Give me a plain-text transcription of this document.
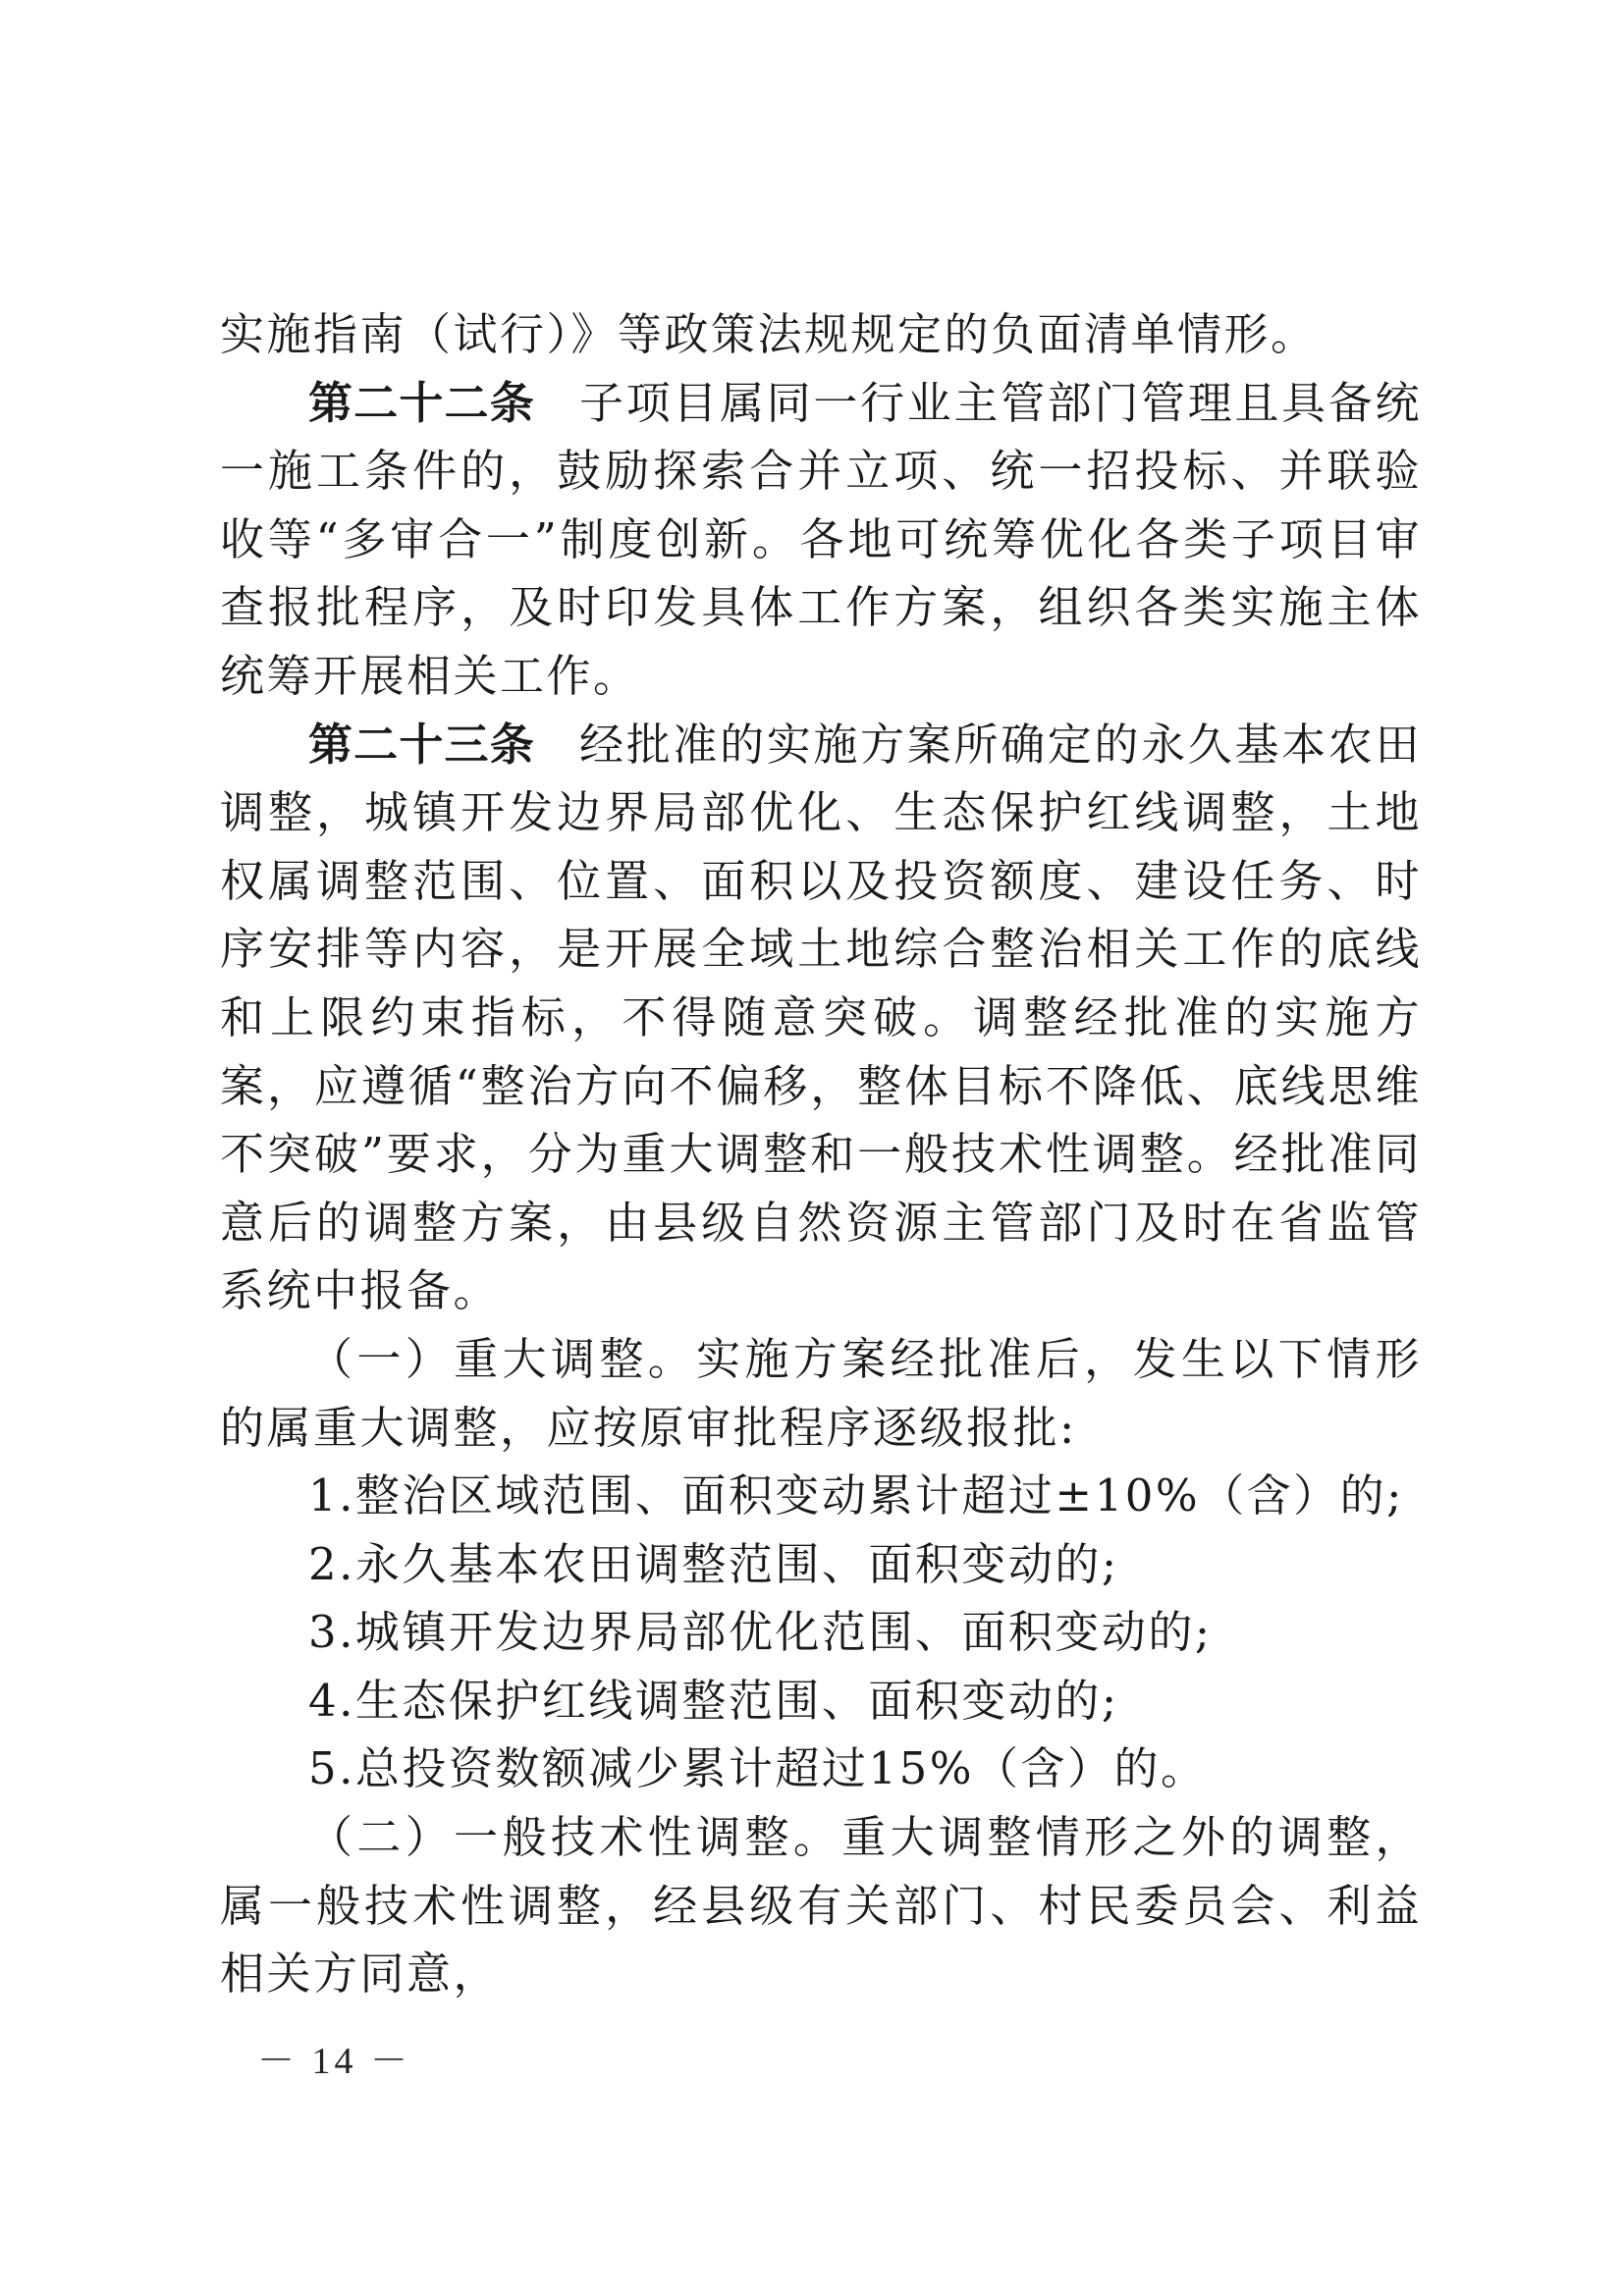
实施指南（试行）》等政策法规规定的负面清单情形。

第二十二条 子项目属同一行业主管部门管理且具备统一施工条件的，鼓励探索合并立项、统一招投标、并联验收等“多审合一”制度创新。各地可统筹优化各类子项目审查报批程序，及时印发具体工作方案，组织各类实施主体统筹开展相关工作。

第二十三条 经批准的实施方案所确定的永久基本农田调整，城镇开发边界局部优化、生态保护红线调整，土地权属调整范围、位置、面积以及投资额度、建设任务、时序安排等内容，是开展全域土地综合整治相关工作的底线和上限约束指标，不得随意突破。调整经批准的实施方案，应遵循“整治方向不偏移，整体目标不降低、底线思维不突破”要求，分为重大调整和一般技术性调整。经批准同意后的调整方案，由县级自然资源主管部门及时在省监管系统中报备。

（一）重大调整。实施方案经批准后，发生以下情形的属重大调整，应按原审批程序逐级报批:

1.整治区域范围、面积变动累计超过±10%（含）的;

2.永久基本农田调整范围、面积变动的;

3.城镇开发边界局部优化范围、面积变动的;

4.生态保护红线调整范围、面积变动的;

5.总投资数额减少累计超过15%（含）的。

（二）一般技术性调整。重大调整情形之外的调整，属一般技术性调整，经县级有关部门、村民委员会、利益相关方同意，

－ 14 －
